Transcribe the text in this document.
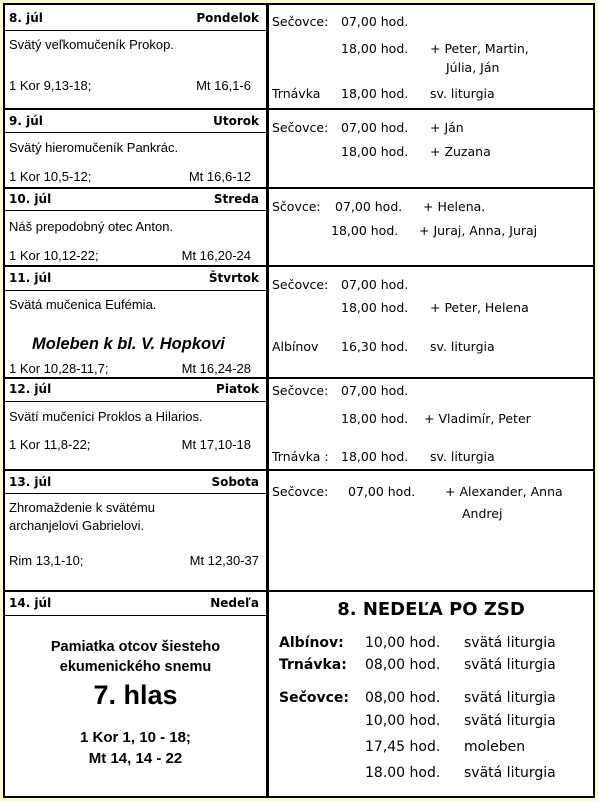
8. júl	Pondelok
Svätý veľkomučeník Prokop.
1 Kor 9,13-18;	Mt 16,1-6
Sečovce: 07,00 hod.
18,00 hod. + Peter, Martin,
Júlia, Ján
Trnávka 18,00 hod. sv. liturgia
9. júl	Utorok
Svätý hieromučeník Pankrác.
1 Kor 10,5-12;	Mt 16,6-12
Sečovce: 07,00 hod. + Ján
18,00 hod. + Zuzana
10. júl	Streda
Náš prepodobný otec Anton.
1 Kor 10,12-22;	Mt 16,20-24
Sčovce: 07,00 hod. + Helena.
18,00 hod. + Juraj, Anna, Juraj
11. júl	Štvrtok
Svätá mučenica Eufémia.
Moleben k bl. V. Hopkovi
1 Kor 10,28-11,7;	Mt 16,24-28
Sečovce: 07,00 hod.
18,00 hod. + Peter, Helena
Albínov 16,30 hod. sv. liturgia
12. júl	Piatok
Svätí mučeníci Proklos a Hilarios.
1 Kor 11,8-22;	Mt 17,10-18
Sečovce: 07,00 hod.
18,00 hod. + Vladimír, Peter
Trnávka : 18,00 hod. sv. liturgia
13. júl	Sobota
Zhromaždenie k svätému
archanjelovi Gabrielovi.
Rim 13,1-10;	Mt 12,30-37
Sečovce: 07,00 hod. + Alexander, Anna
Andrej
14. júl	Nedeľa
Pamiatka otcov šiesteho
ekumenického snemu
7. hlas
1 Kor 1, 10 - 18;
Mt 14, 14 - 22
8. NEDEĽA PO ZSD
Albínov: 10,00 hod. svätá liturgia
Trnávka: 08,00 hod. svätá liturgia
Sečovce: 08,00 hod. svätá liturgia
10,00 hod. svätá liturgia
17,45 hod. moleben
18.00 hod. svätá liturgia
